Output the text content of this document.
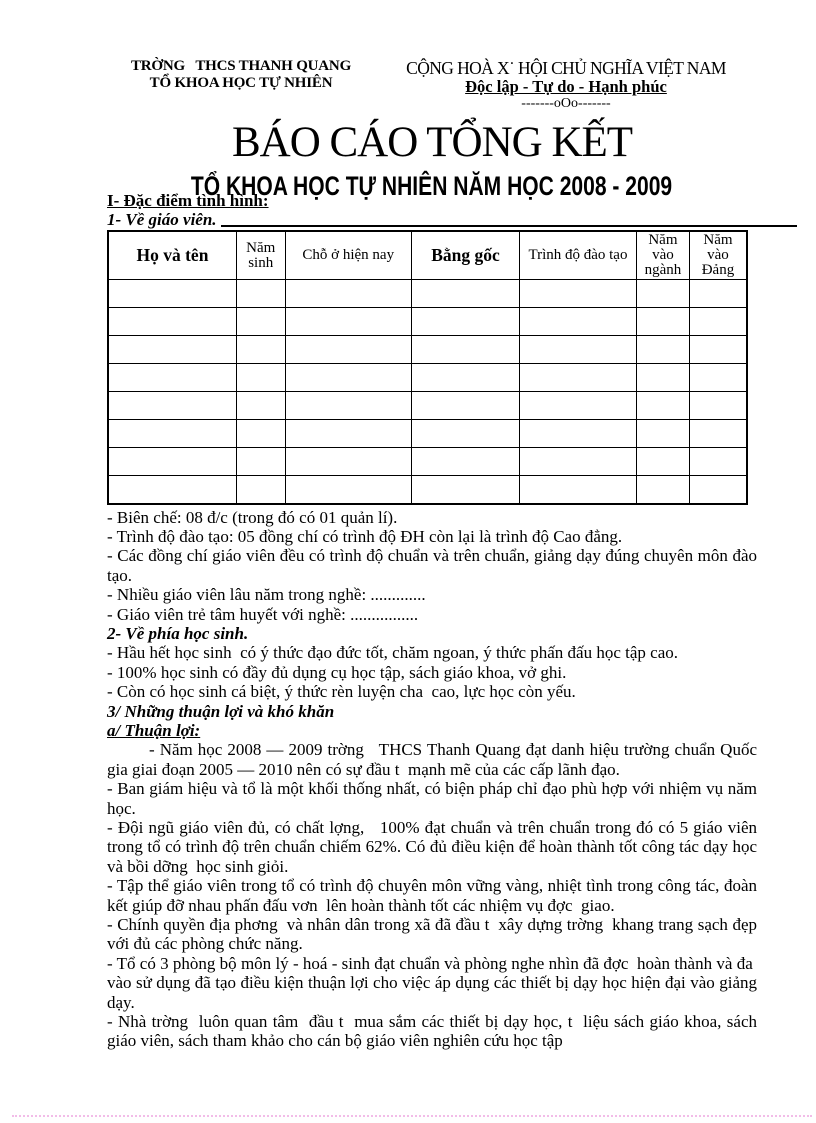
TRỜNG   THCS THANH QUANG
TỔ KHOA HỌC TỰ NHIÊN
CỘNG HOÀ X˙ HỘI CHỦ NGHĨA VIỆT NAM
Độc lập - Tự do - Hạnh phúc
-------oOo-------
BÁO CÁO TỔNG KẾT

TỔ KHOA HỌC TỰ NHIÊN NĂM HỌC 2008 - 2009
I- Đặc điểm tình hình:
1- Về giáo viên.
Họ và tên	Năm sinh	Chỗ ở hiện nay	Bằng gốc	Trình độ đào tạo	Năm vào ngành	Năm vào Đảng

- Biên chế: 08 đ/c (trong đó có 01 quản lí).
- Trình độ đào tạo: 05 đồng chí có trình độ ĐH còn lại là trình độ Cao đẳng.
- Các đồng chí giáo viên đều có trình độ chuẩn và trên chuẩn, giảng dạy đúng chuyên môn đào tạo.
- Nhiều giáo viên lâu năm trong nghề: .............
- Giáo viên trẻ tâm huyết với nghề: ................
2- Về phía học sinh.
- Hầu hết học sinh  có ý thức đạo đức tốt, chăm ngoan, ý thức phấn đấu học tập cao.
- 100% học sinh có đầy đủ dụng cụ học tập, sách giáo khoa, vở ghi.
- Còn có học sinh cá biệt, ý thức rèn luyện cha  cao, lực học còn yếu.
3/ Những thuận lợi và khó khăn
a/ Thuận lợi:
- Năm học 2008 — 2009 trờng   THCS Thanh Quang đạt danh hiệu trường chuẩn Quốc gia giai đoạn 2005 — 2010 nên có sự đầu t  mạnh mẽ của các cấp lãnh đạo.
- Ban giám hiệu và tổ là một khối thống nhất, có biện pháp chỉ đạo phù hợp với nhiệm vụ năm học.
- Đội ngũ giáo viên đủ, có chất lợng,   100% đạt chuẩn và trên chuẩn trong đó có 5 giáo viên trong tổ có trình độ trên chuẩn chiếm 62%. Có đủ điều kiện để hoàn thành tốt công tác dạy học và bồi dỡng  học sinh giỏi.
- Tập thể giáo viên trong tổ có trình độ chuyên môn vững vàng, nhiệt tình trong công tác, đoàn kết giúp đỡ nhau phấn đấu vơn  lên hoàn thành tốt các nhiệm vụ đợc  giao.
- Chính quyền địa phơng  và nhân dân trong xã đã đầu t  xây dựng trờng  khang trang sạch đẹp với đủ các phòng chức năng.
- Tổ có 3 phòng bộ môn lý - hoá - sinh đạt chuẩn và phòng nghe nhìn đã đợc  hoàn thành và đa  vào sử dụng đã tạo điều kiện thuận lợi cho việc áp dụng các thiết bị dạy học hiện đại vào giảng dạy.
- Nhà trờng  luôn quan tâm  đầu t  mua sắm các thiết bị dạy học, t  liệu sách giáo khoa, sách giáo viên, sách tham khảo cho cán bộ giáo viên nghiên cứu học tập
